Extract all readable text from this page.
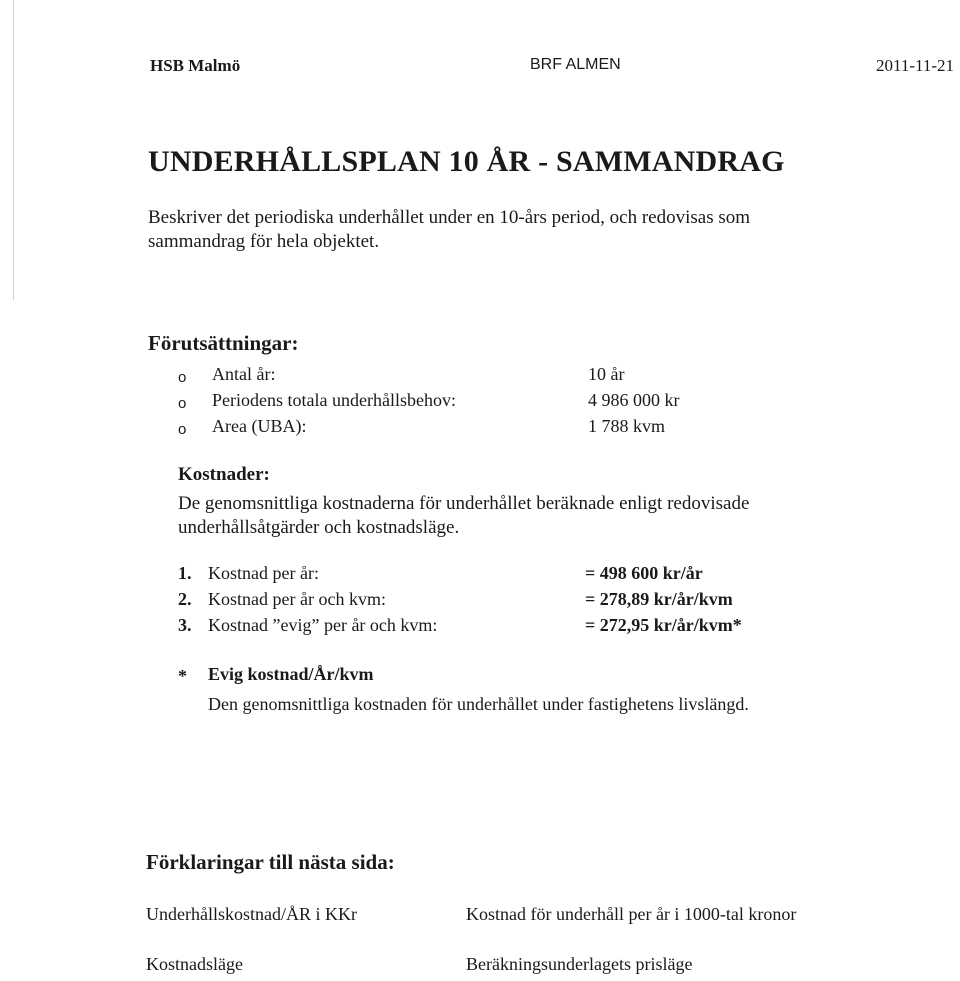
HSB Malmö	BRF ALMEN	2011-11-21
UNDERHÅLLSPLAN 10 ÅR - SAMMANDRAG
Beskriver det periodiska underhållet under en 10-års period, och redovisas som
sammandrag för hela objektet.
Förutsättningar:
o Antal år:	10 år
o Periodens totala underhållsbehov:	4 986 000 kr
o Area (UBA):	1 788 kvm
Kostnader:
De genomsnittliga kostnaderna för underhållet beräknade enligt redovisade
underhållsåtgärder och kostnadsläge.
1. Kostnad per år:	= 498 600 kr/år
2. Kostnad per år och kvm:	= 278,89 kr/år/kvm
3. Kostnad ”evig” per år och kvm:	= 272,95 kr/år/kvm*
* Evig kostnad/År/kvm
Den genomsnittliga kostnaden för underhållet under fastighetens livslängd.
Förklaringar till nästa sida:
Underhållskostnad/ÅR i KKr	Kostnad för underhåll per år i 1000-tal kronor
Kostnadsläge	Beräkningsunderlagets prisläge
